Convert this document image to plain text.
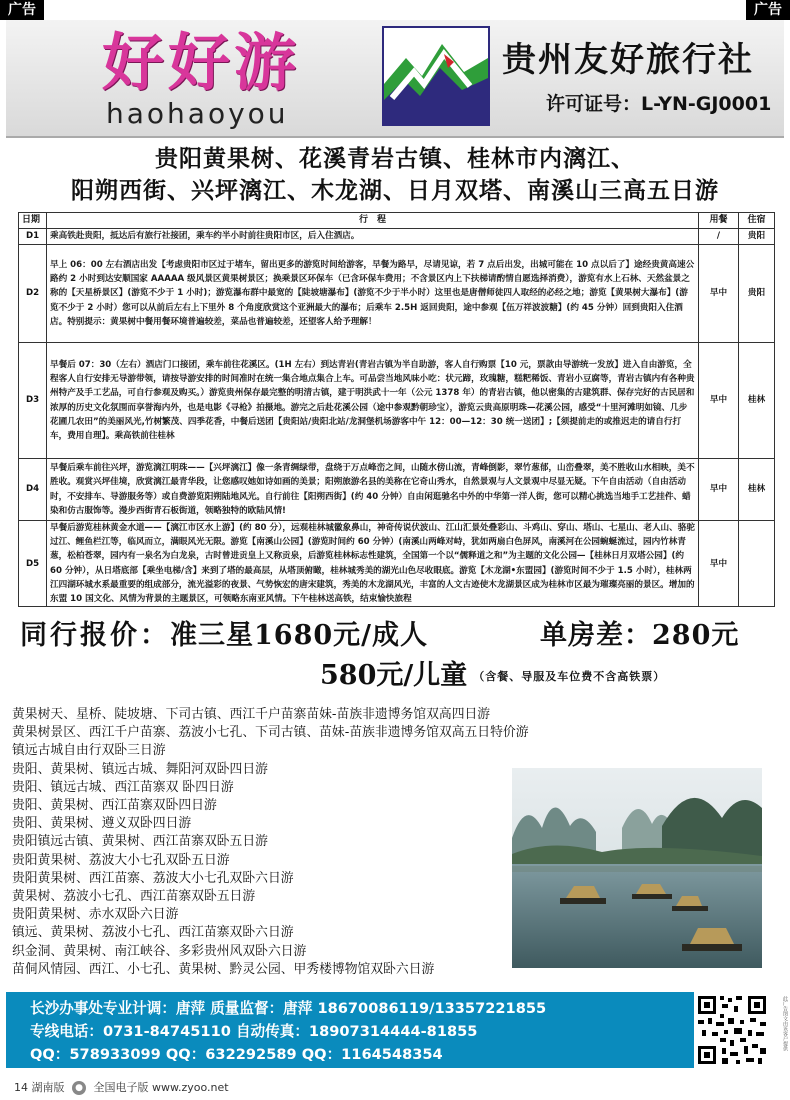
广告	广告
好好游
haohaoyou
贵州友好旅行社
许可证号：L-YN-GJ0001
贵阳黄果树、花溪青岩古镇、桂林市内漓江、
阳朔西街、兴坪漓江、木龙湖、日月双塔、南溪山三高五日游
日期	行　程	用餐	住宿
D1	乘高铁赴贵阳，抵达后有旅行社接团，乘车约半小时前往贵阳市区，后入住酒店。	/	贵阳
D2	早上 06：00 左右酒店出发【考虑贵阳市区过于堵车，留出更多的游览时间给游客，早餐为路早，尽请见谅，若 7 点后出发，出城可能在 10 点以后了】途经贵黄高速公路约 2 小时到达安顺国家 AAAAA 级风景区黄果树景区；换乘景区环保车（已含环保车费用；不含景区内上下扶梯请酌情自愿选择消费），游览有水上石林、天然盆景之称的【天星桥景区】(游览不少于 1 小时)；游览瀑布群中最宽的【陡坡塘瀑布】(游览不少于半小时）这里也是唐僧师徒四人取经的必经之地；游览【黄果树大瀑布】(游览不少于 2 小时）您可以从前后左右上下里外 8 个角度欣赏这个亚洲最大的瀑布；后乘车 2.5H 返回贵阳，途中参观【伍万祥波波糖】(约 45 分钟）回到贵阳入住酒店。特别提示：黄果树中餐用餐环境普遍较差，菜品也普遍较差，还望客人给予理解！	早中	贵阳
D3	早餐后 07：30（左右）酒店门口接团，乘车前往花溪区。(1H 左右）到达青岩(青岩古镇为半自助游，客人自行购票【10 元，票款由导游统一发放】进入自由游览，全程客人自行安排无导游带领，请按导游安排的时间准时在统一集合地点集合上车。可品尝当地风味小吃：状元蹄，玫瑰糖，糕粑稀饭、青岩小豆腐等，青岩古镇内有各种贵州特产及手工艺品，可自行参观及购买。）游览贵州保存最完整的明清古镇，建于明洪武十一年（公元 1378 年）的青岩古镇，他以密集的古建筑群、保存完好的古民居和浓厚的历史文化氛围而享誉海内外，也是电影《寻枪》拍摄地。游完之后赴花溪公园（途中参观黔朝珍宝），游览云贵高原明珠—花溪公园，感受“十里河滩明如镜、几步花圃几农田”的美丽风光,竹树繁茂、四季花香，中餐后送团【贵阳站/贵阳北站/龙洞堡机场游客中午 12：00—12：30 统一送团】;【须提前走的或推迟走的请自行打车，费用自理】。乘高铁前往桂林	早中	桂林
D4	早餐后乘车前往兴坪，游览漓江明珠——【兴坪漓江】像一条青绸绿带，盘绕于万点峰峦之间，山随水傍山流，青峰倒影，翠竹葱郁，山峦叠翠，美不胜收山水相映，美不胜收。观赏兴坪佳境，欣赏漓江最青华段，让您感叹她如诗如画的美景；阳朔旅游名县的美称在它奇山秀水，自然景观与人文景观中尽显无疑。下午自由活动（自由活动时，不安排车、导游服务等）或自费游览阳朔陆地风光。自行前往【阳朔西街】(约 40 分钟）自由闲逛驰名中外的中华第一洋人街，您可以精心挑选当地手工艺挂件、蜡染和仿古服饰等。漫步西街青石板街道，领略独特的欧陆风情!	早中	桂林
D5	早餐后游览桂林黄金水道——【漓江市区水上游】(约 80 分），远观桂林城徽象鼻山，神奇传说伏波山、江山汇景处叠彩山、斗鸡山、穿山、塔山、七星山、老人山、骆驼过江、鲤鱼栏江等，临风而立，满眼风光无限。游览【南溪山公园】(游览时间约 60 分钟）(南溪山两峰对峙，犹如两扇白色屏风，南溪河在公园蜿蜒流过，园内竹林青葱，松柏苍翠，园内有一泉名为白龙泉，古时曾进贡皇上又称贡泉，后游览桂林标志性建筑，全国第一个以“儒释道之和”为主题的文化公园—【桂林日月双塔公园】(约 60 分钟），从日塔底部【乘坐电梯/含】来到了塔的最高层，从塔顶俯瞰，桂林城秀美的湖光山色尽收眼底。游览【木龙湖•东盟园】(游览时间不少于 1.5 小时），桂林两江四湖环城水系最重要的组成部分，流光溢彩的夜景、气势恢宏的唐宋建筑，秀美的木龙湖风光，丰富的人文古迹使木龙湖景区成为桂林市区最为璀璨亮丽的景区。增加的东盟 10 国文化、风情为背景的主题景区，可领略东南亚风情。下午桂林送高铁，结束愉快旅程	早中	
同行报价：准三星1680元/成人	单房差：280元
580元/儿童 （含餐、导服及车位费不含高铁票）
黄果树天、星桥、陡坡塘、下司古镇、西江千户苗寨苗妹-苗族非遗博务馆双高四日游
黄果树景区、西江千户苗寨、荔波小七孔、下司古镇、苗妹-苗族非遗博务馆双高五日特价游
镇远古城自由行双卧三日游
贵阳、黄果树、镇远古城、舞阳河双卧四日游
贵阳、镇远古城、西江苗寨双 卧四日游
贵阳、黄果树、西江苗寨双卧四日游
贵阳、黄果树、遵义双卧四日游
贵阳镇远古镇、黄果树、西江苗寨双卧五日游
贵阳黄果树、荔波大小七孔双卧五日游
贵阳黄果树、西江苗寨、荔波大小七孔双卧六日游
黄果树、荔波小七孔、西江苗寨双卧五日游
贵阳黄果树、赤水双卧六日游
镇远、黄果树、荔波小七孔、西江苗寨双卧六日游
织金洞、黄果树、南江峡谷、多彩贵州风双卧六日游
苗侗风情园、西江、小七孔、黄果树、黔灵公园、甲秀楼博物馆双卧六日游
长沙办事处专业计调：唐萍 质量监督：唐萍 18670086119/13357221855
专线电话：0731-84745110 自动传真：18907314444-81855
QQ：578933099 QQ：632292589 QQ：1164548354
此广告图文由该客户提供
14 湖南版 ● 全国电子版 www.zyoo.net
